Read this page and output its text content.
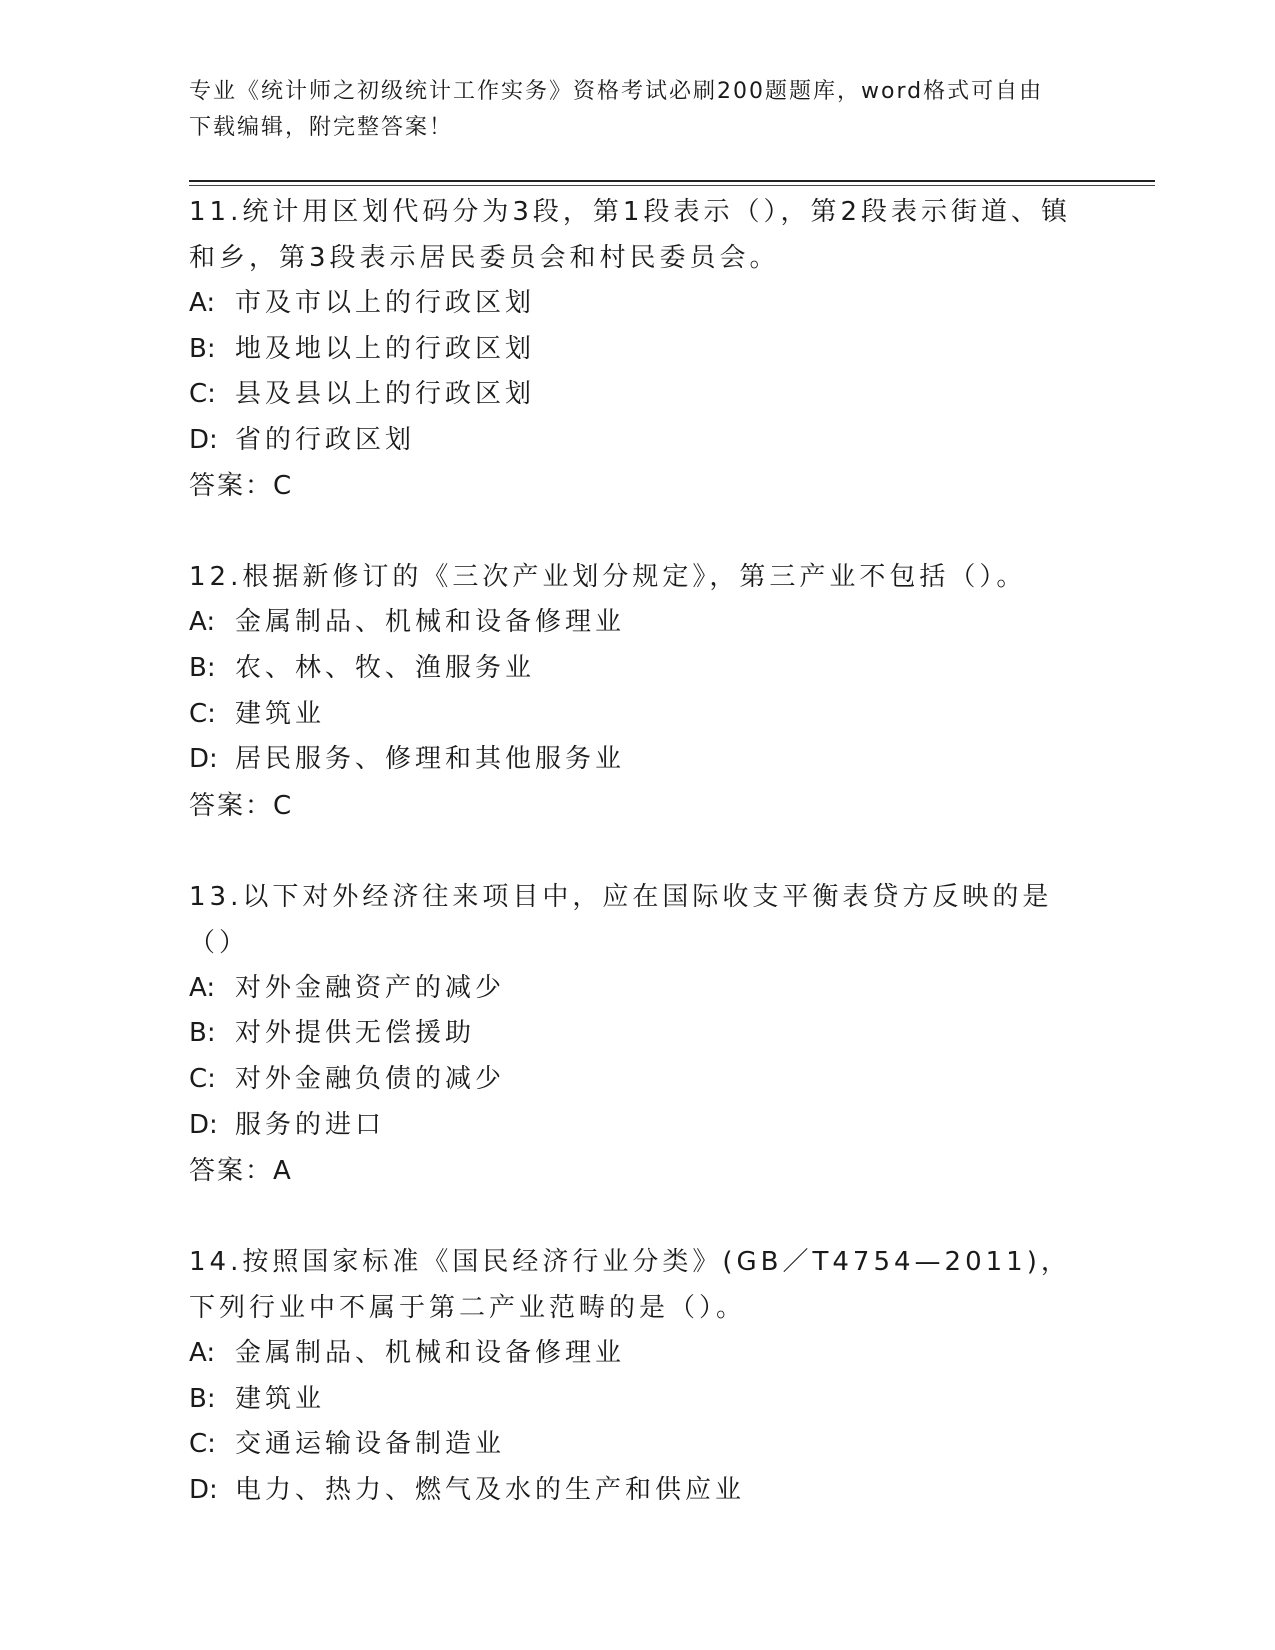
专业《统计师之初级统计工作实务》资格考试必刷200题题库，word格式可自由
下载编辑，附完整答案！
11.统计用区划代码分为3段，第1段表示（），第2段表示街道、镇和乡，第3段表示居民委员会和村民委员会。
A: 市及市以上的行政区划
B: 地及地以上的行政区划
C: 县及县以上的行政区划
D: 省的行政区划
答案：C
12.根据新修订的《三次产业划分规定》，第三产业不包括（）。
A: 金属制品、机械和设备修理业
B: 农、林、牧、渔服务业
C: 建筑业
D: 居民服务、修理和其他服务业
答案：C
13.以下对外经济往来项目中，应在国际收支平衡表贷方反映的是（）
A: 对外金融资产的减少
B: 对外提供无偿援助
C: 对外金融负债的减少
D: 服务的进口
答案：A
14.按照国家标准《国民经济行业分类》(GB／T4754—2011)，下列行业中不属于第二产业范畴的是（）。
A: 金属制品、机械和设备修理业
B: 建筑业
C: 交通运输设备制造业
D: 电力、热力、燃气及水的生产和供应业
